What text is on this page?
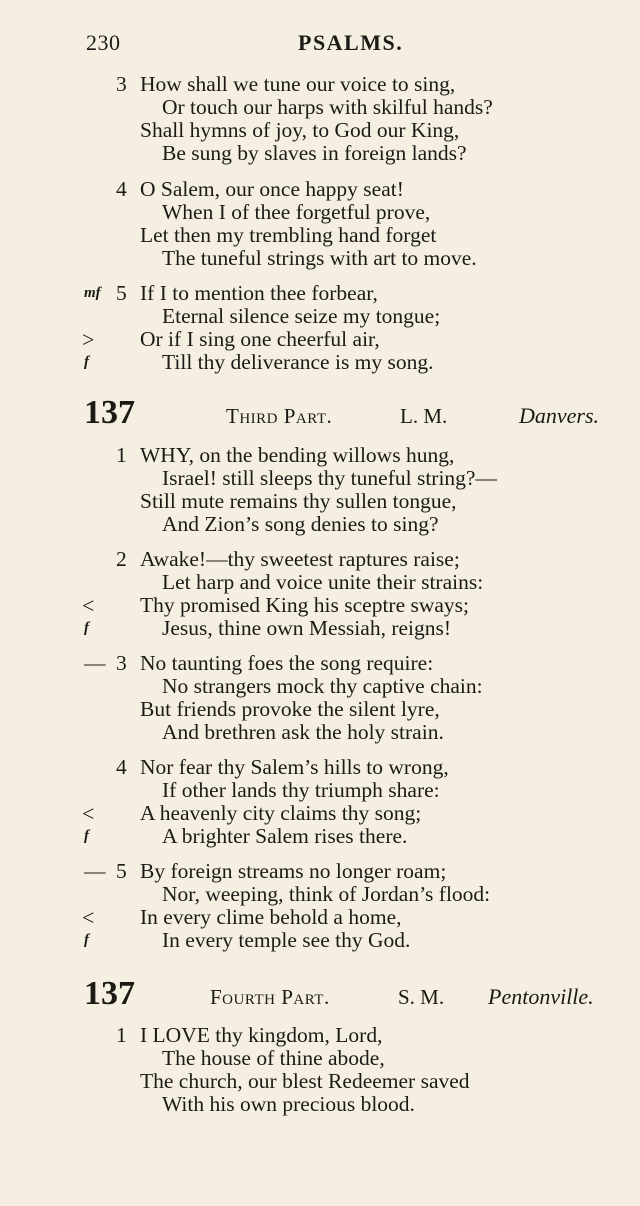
230	PSALMS.
3 How shall we tune our voice to sing,
Or touch our harps with skilful hands?
Shall hymns of joy, to God our King,
Be sung by slaves in foreign lands?
4 O Salem, our once happy seat!
When I of thee forgetful prove,
Let then my trembling hand forget
The tuneful strings with art to move.
mf 5 If I to mention thee forbear,
Eternal silence seize my tongue;
> Or if I sing one cheerful air,
f	Till thy deliverance is my song.
137	Third Part.	L. M.	Danvers.
1 WHY, on the bending willows hung,
Israel! still sleeps thy tuneful string?—
Still mute remains thy sullen tongue,
And Zion’s song denies to sing?
2 Awake!—thy sweetest raptures raise;
Let harp and voice unite their strains:
< Thy promised King his sceptre sways;
f	Jesus, thine own Messiah, reigns!
— 3 No taunting foes the song require:
No strangers mock thy captive chain:
But friends provoke the silent lyre,
And brethren ask the holy strain.
4 Nor fear thy Salem’s hills to wrong,
If other lands thy triumph share:
< A heavenly city claims thy song;
f	A brighter Salem rises there.
— 5 By foreign streams no longer roam;
Nor, weeping, think of Jordan’s flood:
< In every clime behold a home,
f	In every temple see thy God.
137	Fourth Part.	S. M. Pentonville.
1 I LOVE thy kingdom, Lord,
The house of thine abode,
The church, our blest Redeemer saved
With his own precious blood.
